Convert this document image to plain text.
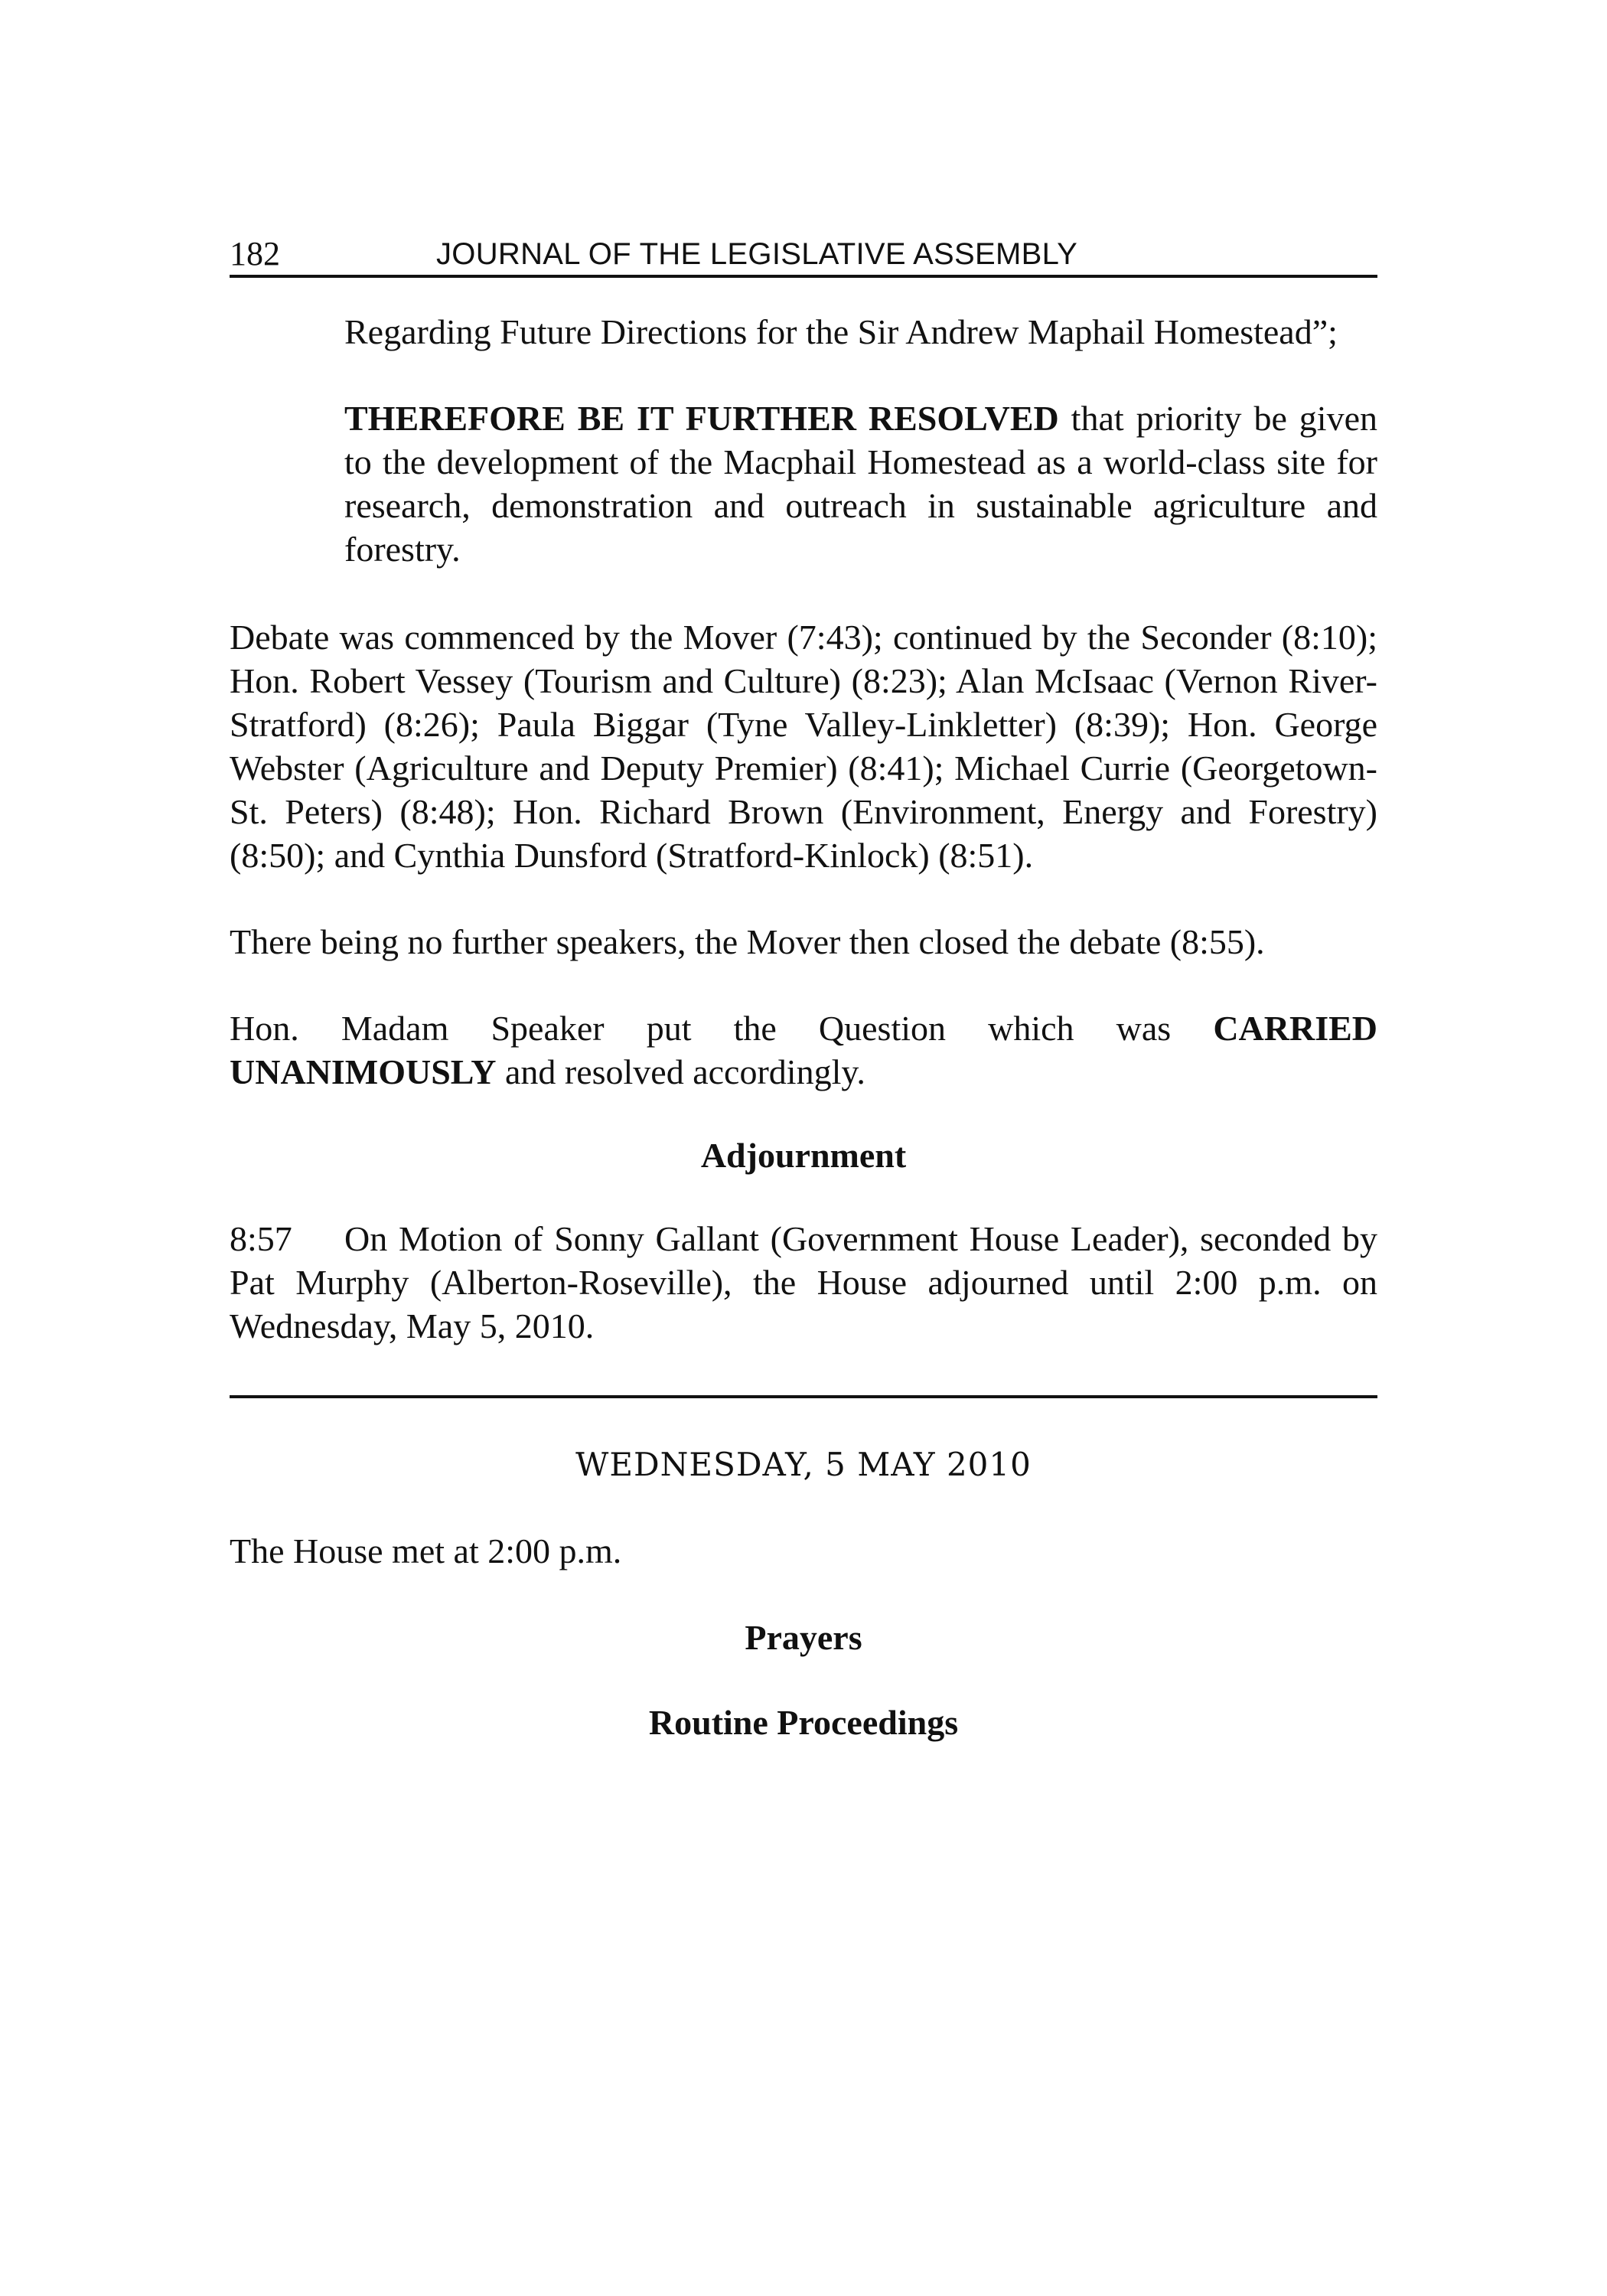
182	JOURNAL OF THE LEGISLATIVE ASSEMBLY

Regarding Future Directions for the Sir Andrew Maphail Homestead”;

THEREFORE BE IT FURTHER RESOLVED that priority be given to the development of the Macphail Homestead as a world-class site for research, demonstration and outreach in sustainable agriculture and forestry.

Debate was commenced by the Mover (7:43); continued by the Seconder (8:10); Hon. Robert Vessey (Tourism and Culture) (8:23); Alan McIsaac (Vernon River-Stratford) (8:26); Paula Biggar (Tyne Valley-Linkletter) (8:39); Hon. George Webster (Agriculture and Deputy Premier) (8:41); Michael Currie (Georgetown-St. Peters) (8:48); Hon. Richard Brown (Environment, Energy and Forestry) (8:50); and Cynthia Dunsford (Stratford-Kinlock) (8:51).

There being no further speakers, the Mover then closed the debate (8:55).

Hon. Madam Speaker put the Question which was CARRIED UNANIMOUSLY and resolved accordingly.

Adjournment

8:57 On Motion of Sonny Gallant (Government House Leader), seconded by Pat Murphy (Alberton-Roseville), the House adjourned until 2:00 p.m. on Wednesday, May 5, 2010.

WEDNESDAY, 5 MAY 2010

The House met at 2:00 p.m.

Prayers
Routine Proceedings
